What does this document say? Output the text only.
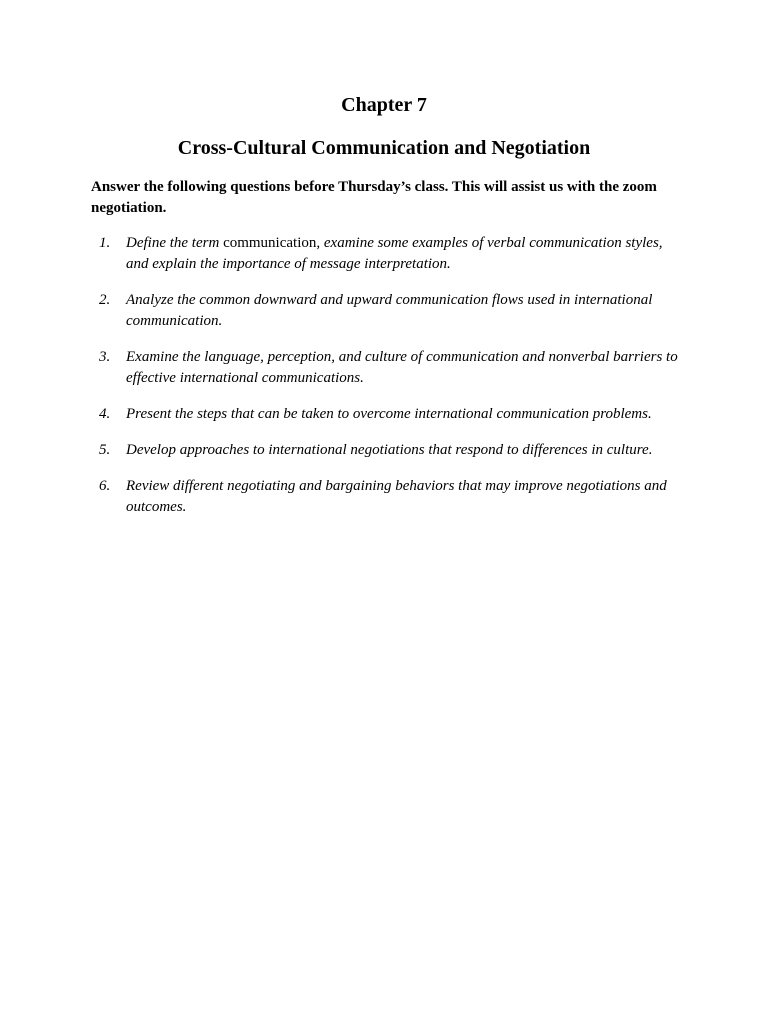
Chapter 7
Cross-Cultural Communication and Negotiation
Answer the following questions before Thursday’s class. This will assist us with the zoom negotiation.
1. Define the term communication, examine some examples of verbal communication styles, and explain the importance of message interpretation.
2. Analyze the common downward and upward communication flows used in international communication.
3. Examine the language, perception, and culture of communication and nonverbal barriers to effective international communications.
4. Present the steps that can be taken to overcome international communication problems.
5. Develop approaches to international negotiations that respond to differences in culture.
6. Review different negotiating and bargaining behaviors that may improve negotiations and outcomes.
